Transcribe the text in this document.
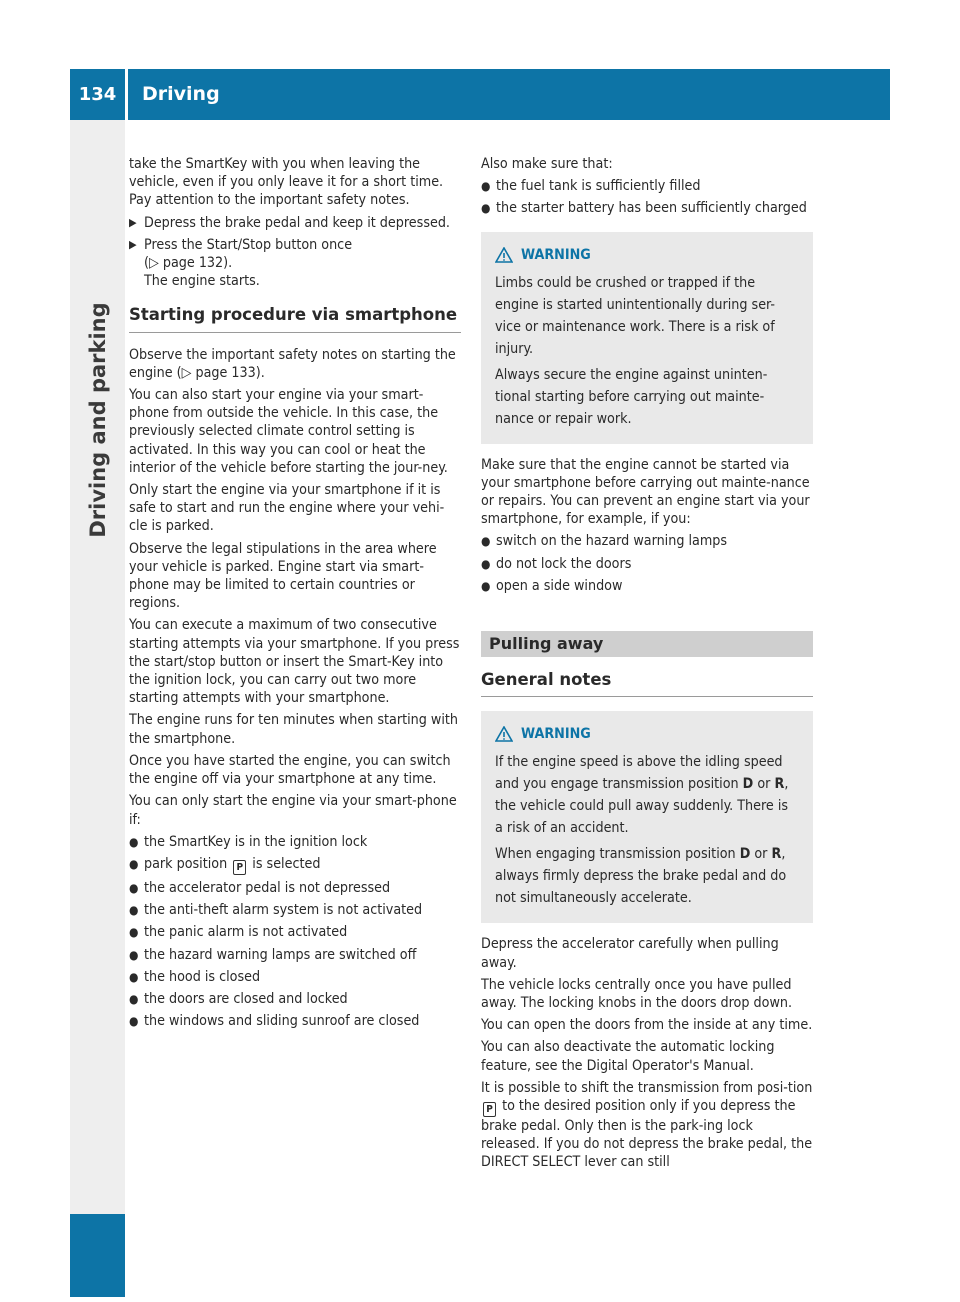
134	Driving
Driving and parking

take the SmartKey with you when leaving the vehicle, even if you only leave it for a short time. Pay attention to the important safety notes.

▶ Depress the brake pedal and keep it depressed.
▶ Press the Start/Stop button once
(▷ page 132).
The engine starts.
Starting procedure via smartphone

Observe the important safety notes on starting the engine (▷ page 133).

You can also start your engine via your smart-phone from outside the vehicle. In this case, the previously selected climate control setting is activated. In this way you can cool or heat the interior of the vehicle before starting the jour-ney.

Only start the engine via your smartphone if it is safe to start and run the engine where your vehi-cle is parked.

Observe the legal stipulations in the area where your vehicle is parked. Engine start via smart-phone may be limited to certain countries or regions.

You can execute a maximum of two consecutive starting attempts via your smartphone. If you press the start/stop button or insert the Smart-Key into the ignition lock, you can carry out two more starting attempts with your smartphone.

The engine runs for ten minutes when starting with the smartphone.

Once you have started the engine, you can switch the engine off via your smartphone at any time.

You can only start the engine via your smart-phone if:

● the SmartKey is in the ignition lock
● park position P is selected
● the accelerator pedal is not depressed
● the anti-theft alarm system is not activated
● the panic alarm is not activated
● the hazard warning lamps are switched off
● the hood is closed
● the doors are closed and locked
● the windows and sliding sunroof are closed

Also make sure that:

● the fuel tank is sufficiently filled
● the starter battery has been sufficiently charged
WARNING

Limbs could be crushed or trapped if the engine is started unintentionally during ser-vice or maintenance work. There is a risk of injury.

Always secure the engine against uninten-tional starting before carrying out mainte-nance or repair work.

Make sure that the engine cannot be started via your smartphone before carrying out mainte-nance or repairs. You can prevent an engine start via your smartphone, for example, if you:

● switch on the hazard warning lamps
● do not lock the doors
● open a side window
Pulling away
General notes
WARNING

If the engine speed is above the idling speed and you engage transmission position D or R, the vehicle could pull away suddenly. There is a risk of an accident.

When engaging transmission position D or R, always firmly depress the brake pedal and do not simultaneously accelerate.

Depress the accelerator carefully when pulling away.

The vehicle locks centrally once you have pulled away. The locking knobs in the doors drop down.

You can open the doors from the inside at any time.

You can also deactivate the automatic locking feature, see the Digital Operator's Manual.

It is possible to shift the transmission from posi-tion P to the desired position only if you depress the brake pedal. Only then is the park-ing lock released. If you do not depress the brake pedal, the DIRECT SELECT lever can still
